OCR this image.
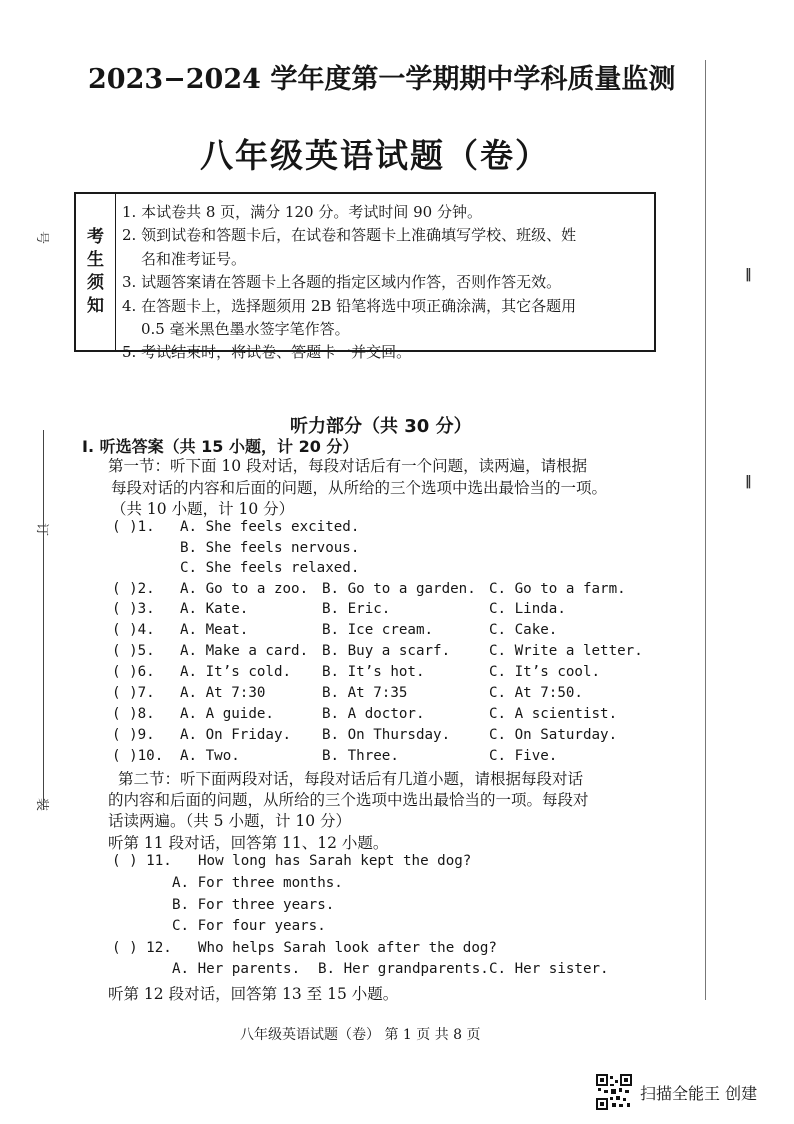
号
订
装
‖
‖
2023−2024 学年度第一学期期中学科质量监测
八年级英语试题（卷）
考生须知
1. 本试卷共 8 页，满分 120 分。考试时间 90 分钟。
2. 领到试卷和答题卡后，在试卷和答题卡上准确填写学校、班级、姓
名和准考证号。
3. 试题答案请在答题卡上各题的指定区域内作答，否则作答无效。
4. 在答题卡上，选择题须用 2B 铅笔将选中项正确涂满，其它各题用
0.5 毫米黑色墨水签字笔作答。
5. 考试结束时，将试卷、答题卡一并交回。
听力部分（共 30 分）
Ⅰ. 听选答案（共 15 小题，计 20 分）
第一节：听下面 10 段对话，每段对话后有一个问题，读两遍，请根据
每段对话的内容和后面的问题，从所给的三个选项中选出最恰当的一项。
（共 10 小题，计 10 分）
( )1. A. She feels excited.
B. She feels nervous.
C. She feels relaxed.
( )2. A. Go to a zoo. B. Go to a garden. C. Go to a farm.
( )3. A. Kate.	B. Eric.	C. Linda.
( )4. A. Meat.	B. Ice cream.	C. Cake.
( )5. A. Make a card. B. Buy a scarf.	C. Write a letter.
( )6. A. It’s cold. B. It’s hot.	C. It’s cool.
( )7. A. At 7:30	B. At 7:35	C. At 7:50.
( )8. A. A guide.	B. A doctor.	C. A scientist.
( )9. A. On Friday. B. On Thursday.	C. On Saturday.
( )10. A. Two.	B. Three.	C. Five.
第二节：听下面两段对话，每段对话后有几道小题，请根据每段对话
的内容和后面的问题，从所给的三个选项中选出最恰当的一项。每段对
话读两遍。（共 5 小题，计 10 分）
听第 11 段对话，回答第 11、12 小题。
( ) 11. How long has Sarah kept the dog?
A. For three months.
B. For three years.
C. For four years.
( ) 12. Who helps Sarah look after the dog?
A. Her parents. B. Her grandparents. C. Her sister.
听第 12 段对话，回答第 13 至 15 小题。
八年级英语试题（卷） 第 1 页 共 8 页
扫描全能王 创建
